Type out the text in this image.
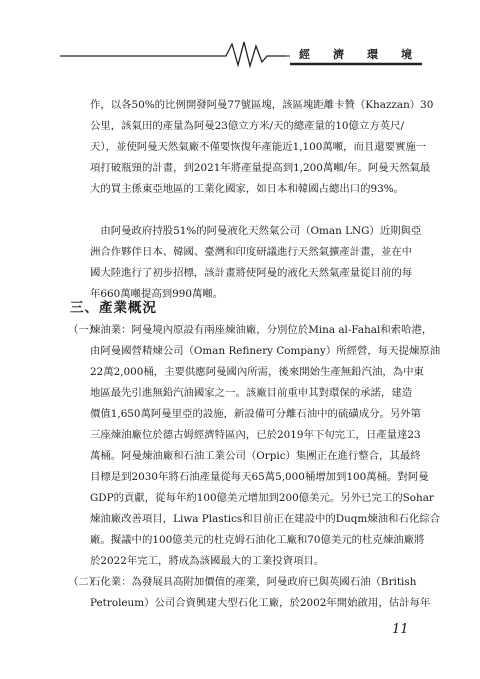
經　濟　環　境
作，以各50%的比例開發阿曼77號區塊，該區塊距離卡贊（Khazzan）30
公里，該氣田的產量為阿曼23億立方米/天的總產量的10億立方英尺/
天），並使阿曼天然氣廠不僅要恢復年產能近1,100萬噸，而且還要實施一
項打破瓶頸的計畫，到2021年將產量提高到1,200萬噸/年。阿曼天然氣最
大的買主係東亞地區的工業化國家，如日本和韓國占總出口的93%。
　由阿曼政府持股51%的阿曼液化天然氣公司（Oman LNG）近期與亞
洲合作夥伴日本、韓國、臺灣和印度研議進行天然氣擴產計畫，並在中
國大陸進行了初步招標，該計畫將使阿曼的液化天然氣產量從目前的每
年660萬噸提高到990萬噸。
三、產業概況
（一）
煉油業：阿曼境內原設有兩座煉油廠，分別位於Mina al-Fahal和索哈港，
由阿曼國營精煉公司（Oman Refinery Company）所經營，每天提煉原油
22萬2,000桶，主要供應阿曼國內所需，後來開始生產無鉛汽油，為中東
地區最先引進無鉛汽油國家之一。該廠目前重申其對環保的承諾，建造
價值1,650萬阿曼里亞的設施，新設備可分離石油中的硫磺成分。另外第
三座煉油廠位於德古姆經濟特區內，已於2019年下旬完工，日產量達23
萬桶。阿曼煉油廠和石油工業公司（Orpic）集團正在進行整合，其最終
目標是到2030年將石油產量從每天65萬5,000桶增加到100萬桶。對阿曼
GDP的貢獻，從每年約100億美元增加到200億美元。另外已完工的Sohar
煉油廠改善項目，Liwa Plastics和目前正在建設中的Duqm煉油和石化綜合
廠。擬議中的100億美元的杜克姆石油化工廠和70億美元的杜克煉油廠將
於2022年完工，將成為該國最大的工業投資項目。
（二）
石化業：為發展具高附加價值的產業，阿曼政府已與英國石油（British
Petroleum）公司合資興建大型石化工廠，於2002年開始啟用，估計每年
11
